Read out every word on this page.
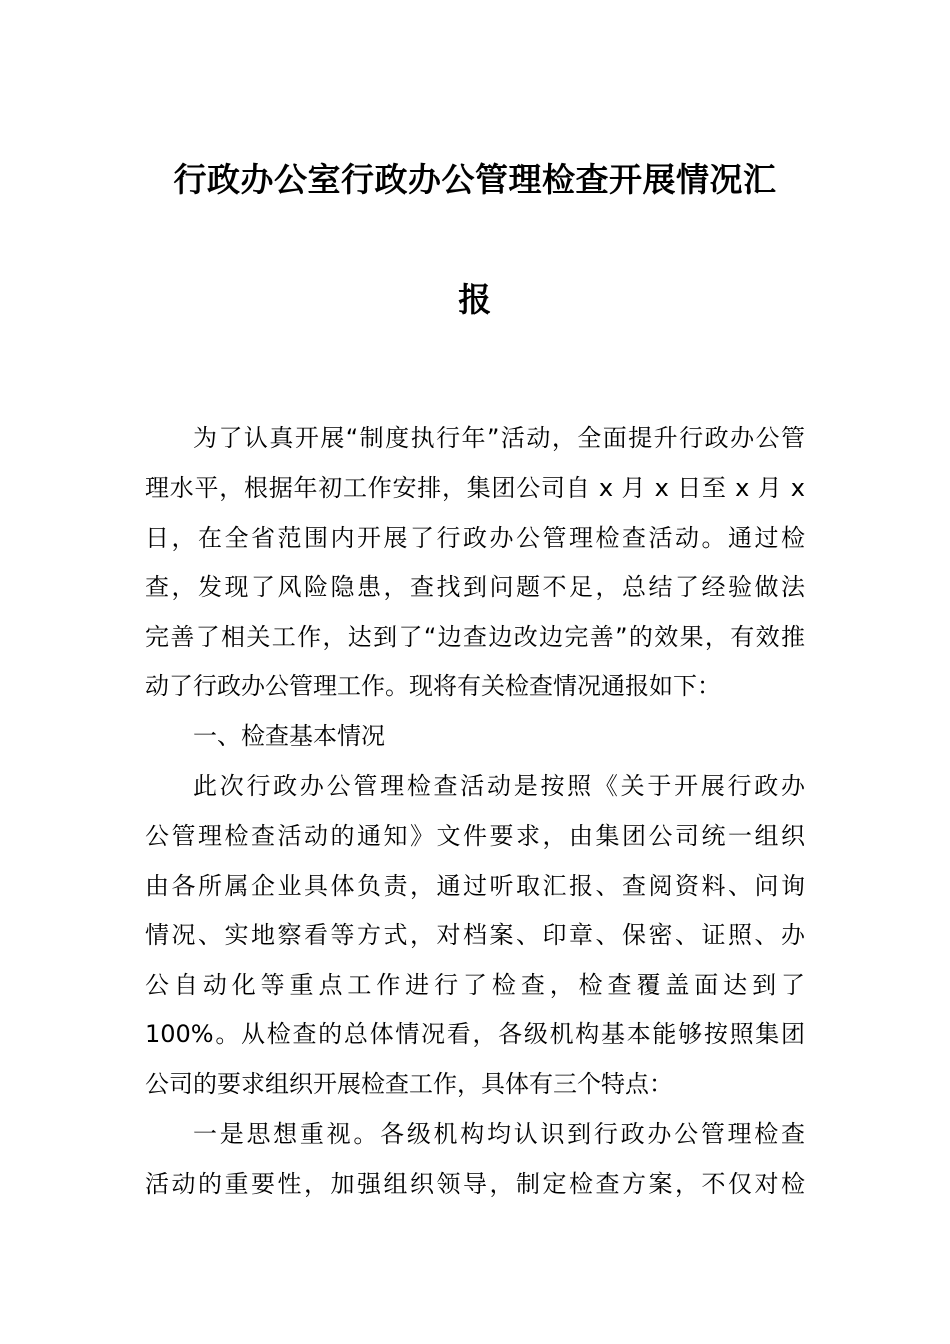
行政办公室行政办公管理检查开展情况汇
报

为了认真开展“制度执行年”活动，全面提升行政办公管

理水平，根据年初工作安排，集团公司自 x 月 x 日至 x 月 x

日，在全省范围内开展了行政办公管理检查活动。通过检

查，发现了风险隐患，查找到问题不足，总结了经验做法

完善了相关工作，达到了“边查边改边完善”的效果，有效推

动了行政办公管理工作。现将有关检查情况通报如下：

一、检查基本情况

此次行政办公管理检查活动是按照《关于开展行政办

公管理检查活动的通知》文件要求，由集团公司统一组织

由各所属企业具体负责，通过听取汇报、查阅资料、问询

情况、实地察看等方式，对档案、印章、保密、证照、办

公自动化等重点工作进行了检查，检查覆盖面达到了

100%。从检查的总体情况看，各级机构基本能够按照集团

公司的要求组织开展检查工作，具体有三个特点：

一是思想重视。各级机构均认识到行政办公管理检查

活动的重要性，加强组织领导，制定检查方案，不仅对检
